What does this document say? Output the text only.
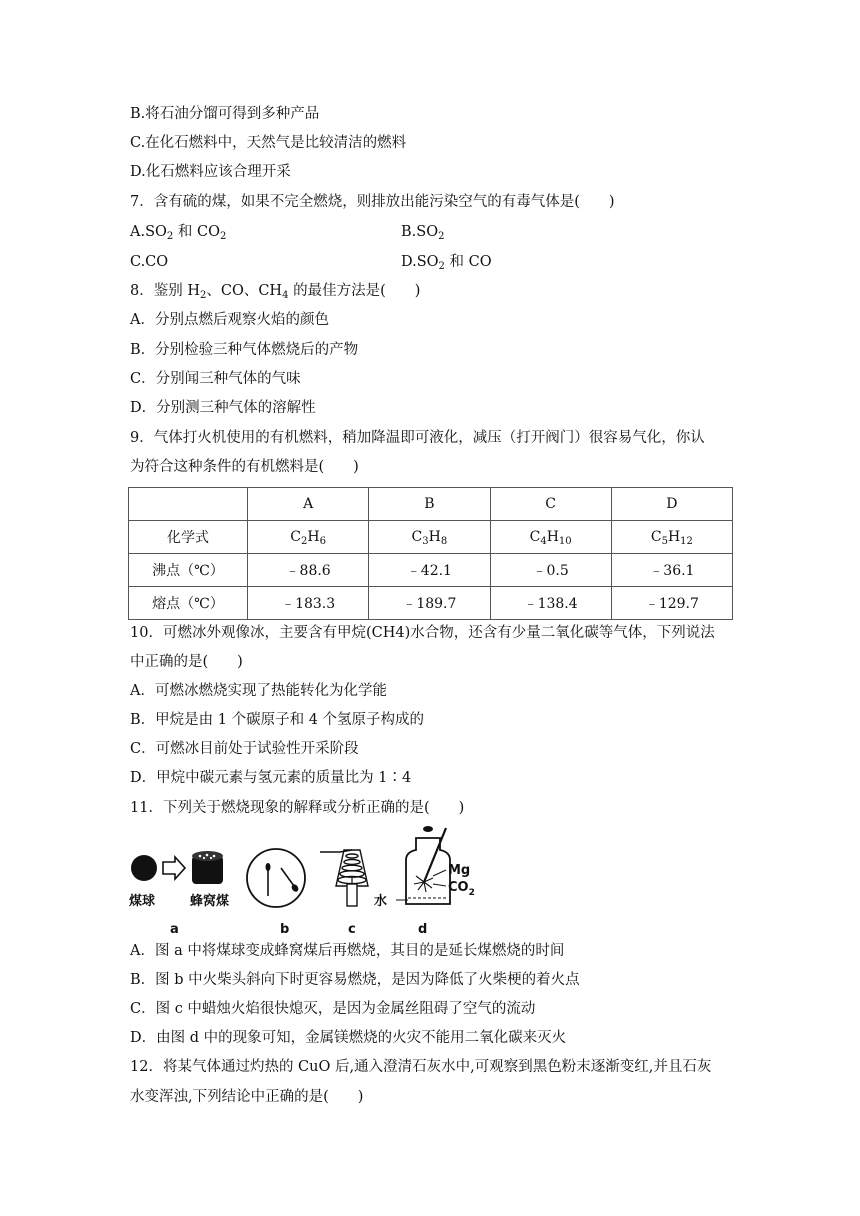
B.将石油分馏可得到多种产品
C.在化石燃料中，天然气是比较清洁的燃料
D.化石燃料应该合理开采
7．含有硫的煤，如果不完全燃烧，则排放出能污染空气的有毒气体是(　　)
$A.SO_2$ 和 $CO_2$	$B.SO_2$
C.CO	$D.SO_2$ 和 CO
8．鉴别 $H_2$、CO、$CH_4$ 的最佳方法是(　　)
A．分别点燃后观察火焰的颜色
B．分别检验三种气体燃烧后的产物
C．分别闻三种气体的气味
D．分别测三种气体的溶解性
9．气体打火机使用的有机燃料，稍加降温即可液化，减压（打开阀门）很容易气化，你认
为符合这种条件的有机燃料是(　　)
	A	B	C	D
化学式	$C_2H_6$	$C_3H_8$	$C_4H_{10}$	$C_5H_{12}$
沸点（℃）	﹣88.6	﹣42.1	﹣0.5	﹣36.1
熔点（℃）	﹣183.3	﹣189.7	﹣138.4	﹣129.7
10．可燃冰外观像冰，主要含有甲烷(CH4)水合物，还含有少量二氧化碳等气体，下列说法
中正确的是(　　)
A．可燃冰燃烧实现了热能转化为化学能
B．甲烷是由 1 个碳原子和 4 个氢原子构成的
C．可燃冰目前处于试验性开采阶段
D．甲烷中碳元素与氢元素的质量比为 1∶4
11．下列关于燃烧现象的解释或分析正确的是(　　)
煤球	蜂窝煤
a	b	c
Mg
$CO_2$
水
d
A．图 a 中将煤球变成蜂窝煤后再燃烧，其目的是延长煤燃烧的时间
B．图 b 中火柴头斜向下时更容易燃烧，是因为降低了火柴梗的着火点
C．图 c 中蜡烛火焰很快熄灭，是因为金属丝阻碍了空气的流动
D．由图 d 中的现象可知，金属镁燃烧的火灾不能用二氧化碳来灭火
12．将某气体通过灼热的 CuO 后,通入澄清石灰水中,可观察到黑色粉末逐渐变红,并且石灰
水变浑浊,下列结论中正确的是(　　)
